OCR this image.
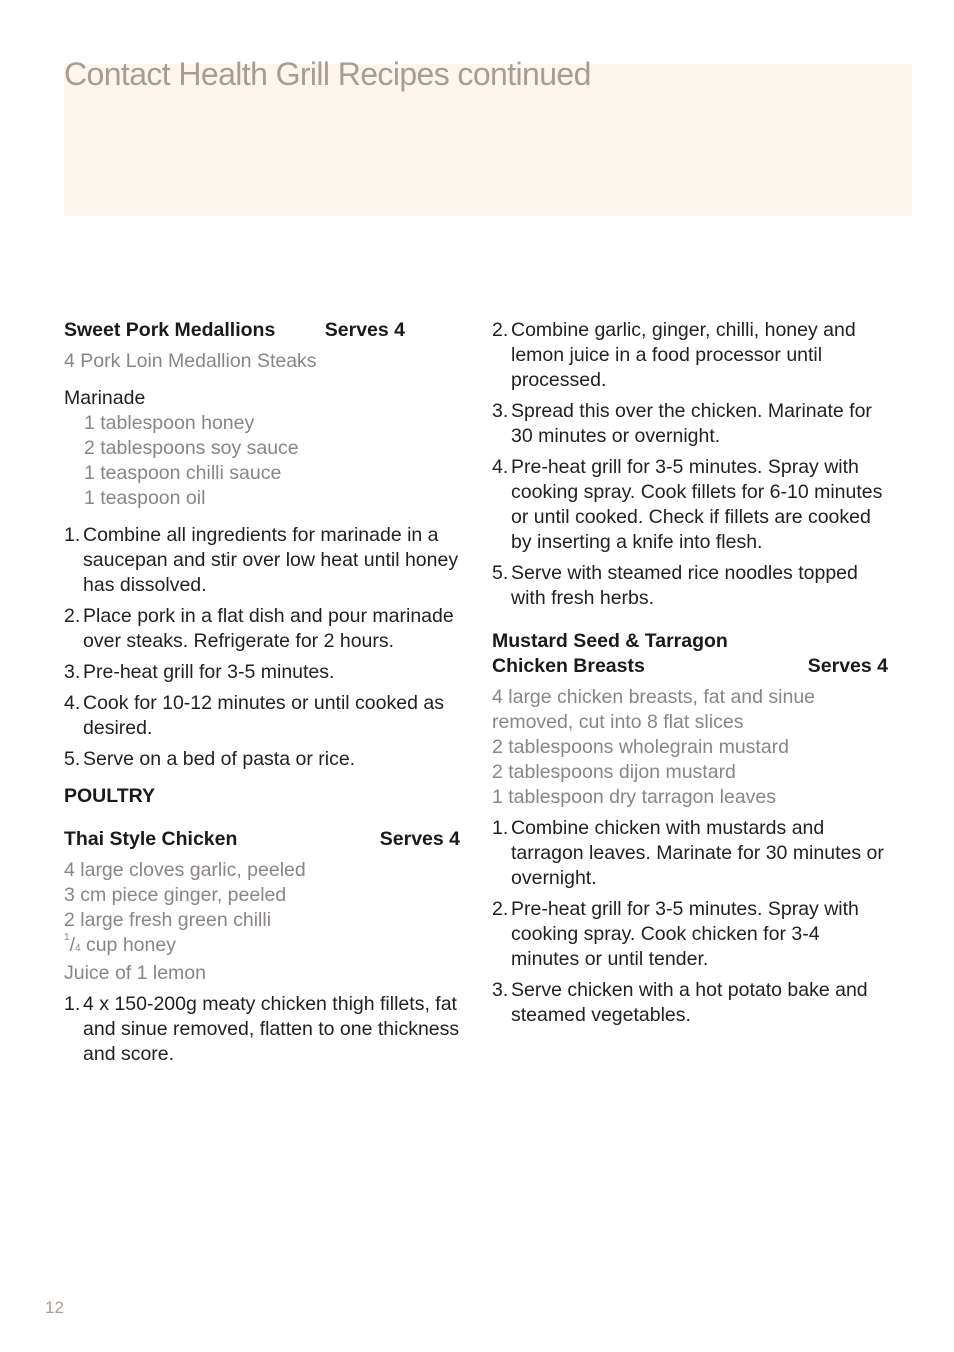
Contact Health Grill Recipes continued
Sweet Pork Medallions	Serves 4
4 Pork Loin Medallion Steaks
Marinade
1 tablespoon honey
2 tablespoons soy sauce
1 teaspoon chilli sauce
1 teaspoon oil
1. Combine all ingredients for marinade in a saucepan and stir over low heat until honey has dissolved.
2. Place pork in a flat dish and pour marinade over steaks. Refrigerate for 2 hours.
3. Pre-heat grill for 3-5 minutes.
4. Cook for 10-12 minutes or until cooked as desired.
5. Serve on a bed of pasta or rice.
POULTRY
Thai Style Chicken	Serves 4
4 large cloves garlic, peeled
3 cm piece ginger, peeled
2 large fresh green chilli
$^1$/4 cup honey
Juice of 1 lemon
1. 4 x 150-200g meaty chicken thigh fillets, fat and sinue removed, flatten to one thickness and score.
2. Combine garlic, ginger, chilli, honey and lemon juice in a food processor until processed.
3. Spread this over the chicken. Marinate for 30 minutes or overnight.
4. Pre-heat grill for 3-5 minutes. Spray with cooking spray. Cook fillets for 6-10 minutes or until cooked. Check if fillets are cooked by inserting a knife into flesh.
5. Serve with steamed rice noodles topped with fresh herbs.
Mustard Seed & Tarragon
Chicken Breasts	Serves 4
4 large chicken breasts, fat and sinue removed, cut into 8 flat slices
2 tablespoons wholegrain mustard
2 tablespoons dijon mustard
1 tablespoon dry tarragon leaves
1. Combine chicken with mustards and tarragon leaves. Marinate for 30 minutes or overnight.
2. Pre-heat grill for 3-5 minutes. Spray with cooking spray. Cook chicken for 3-4 minutes or until tender.
3. Serve chicken with a hot potato bake and steamed vegetables.
12
